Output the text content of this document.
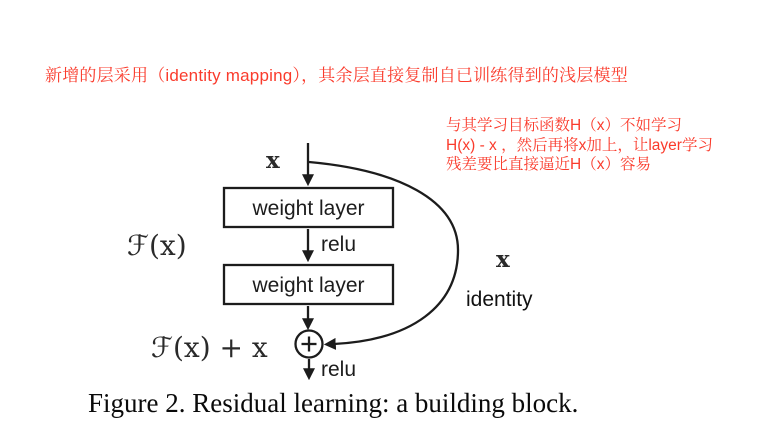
新增的层采用（identity mapping），其余层直接复制自已训练得到的浅层模型
与其学习目标函数H（x）不如学习
H(x) - x ，然后再将x加上，让layer学习
残差要比直接逼近H（x）容易
x
weight layer
relu
ℱ(x)
weight layer
ℱ(x) + x
relu
x
identity
Figure 2. Residual learning: a building block.
